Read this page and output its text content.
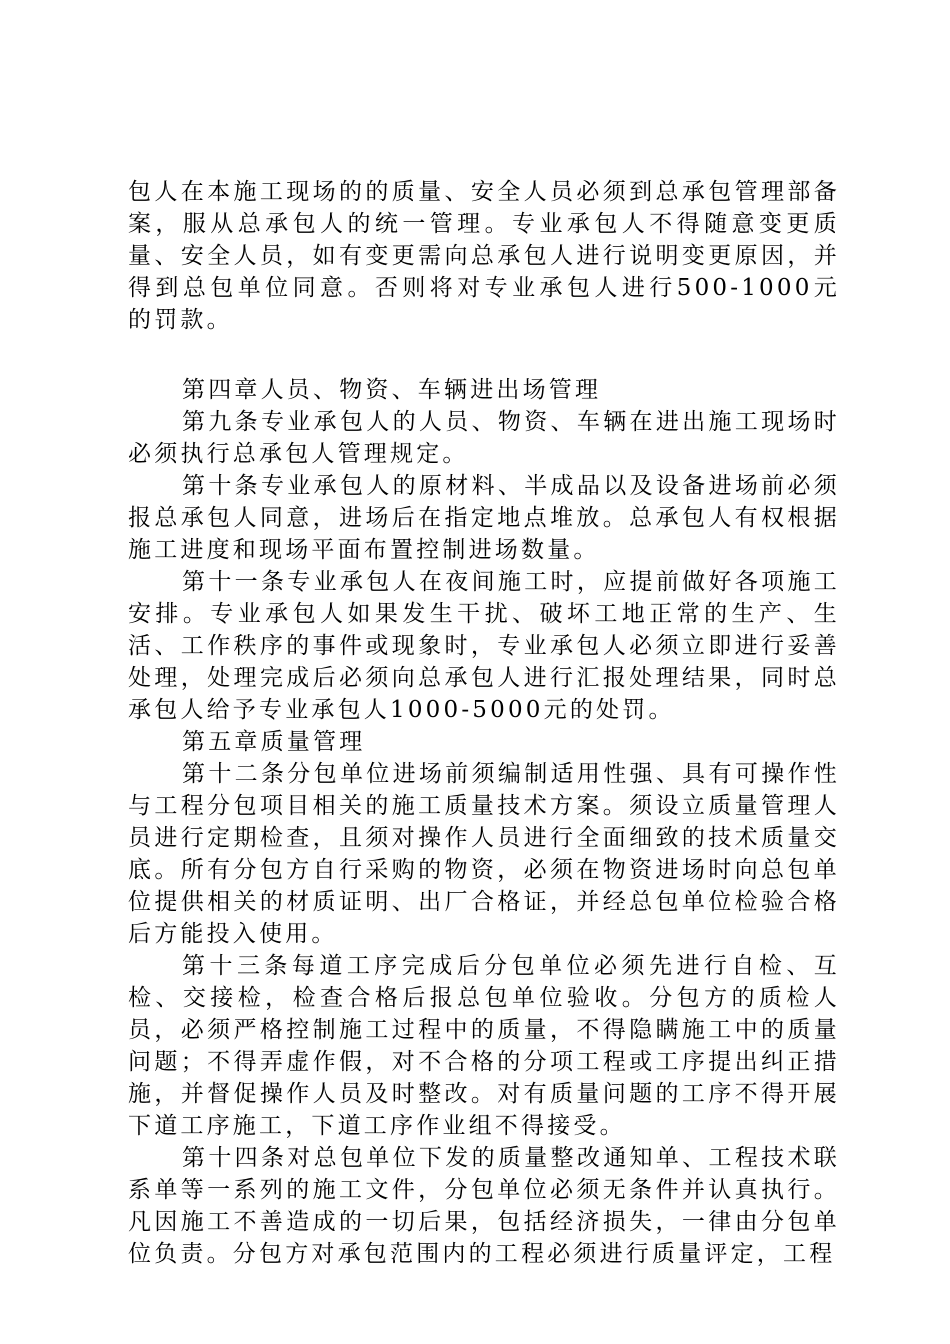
包人在本施工现场的的质量、安全人员必须到总承包管理部备案，服从总承包人的统一管理。专业承包人不得随意变更质量、安全人员，如有变更需向总承包人进行说明变更原因，并得到总包单位同意。否则将对专业承包人进行500-1000元的罚款。

第四章人员、物资、车辆进出场管理

第九条专业承包人的人员、物资、车辆在进出施工现场时必须执行总承包人管理规定。

第十条专业承包人的原材料、半成品以及设备进场前必须报总承包人同意，进场后在指定地点堆放。总承包人有权根据施工进度和现场平面布置控制进场数量。

第十一条专业承包人在夜间施工时，应提前做好各项施工安排。专业承包人如果发生干扰、破坏工地正常的生产、生活、工作秩序的事件或现象时，专业承包人必须立即进行妥善处理，处理完成后必须向总承包人进行汇报处理结果，同时总承包人给予专业承包人1000-5000元的处罚。

第五章质量管理

第十二条分包单位进场前须编制适用性强、具有可操作性与工程分包项目相关的施工质量技术方案。须设立质量管理人员进行定期检查，且须对操作人员进行全面细致的技术质量交底。所有分包方自行采购的物资，必须在物资进场时向总包单位提供相关的材质证明、出厂合格证，并经总包单位检验合格后方能投入使用。

第十三条每道工序完成后分包单位必须先进行自检、互检、交接检，检查合格后报总包单位验收。分包方的质检人员，必须严格控制施工过程中的质量，不得隐瞒施工中的质量问题；不得弄虚作假，对不合格的分项工程或工序提出纠正措施，并督促操作人员及时整改。对有质量问题的工序不得开展下道工序施工，下道工序作业组不得接受。

第十四条对总包单位下发的质量整改通知单、工程技术联系单等一系列的施工文件，分包单位必须无条件并认真执行。凡因施工不善造成的一切后果，包括经济损失，一律由分包单位负责。分包方对承包范围内的工程必须进行质量评定，工程
